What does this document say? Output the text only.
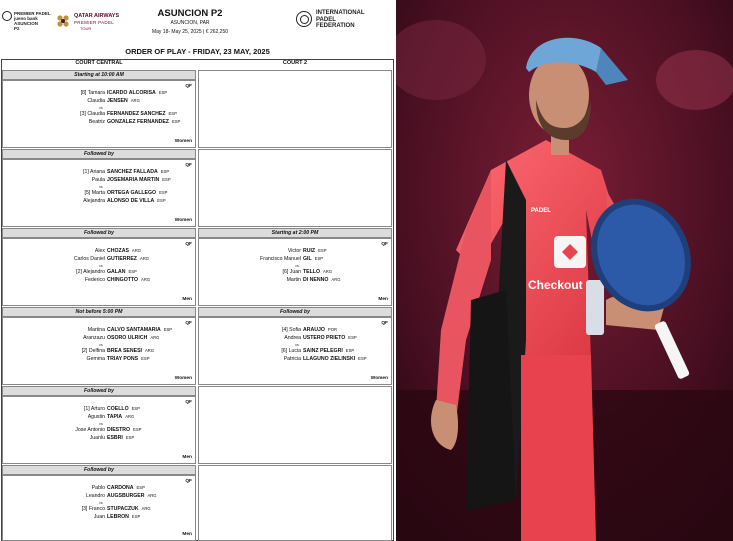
PREMIER PADEL
jueno bank
ASUNCION
P2
QATAR AIRWAYS
PREMIER PADEL
TOUR
ASUNCION P2
ASUNCION, PAR
May 18- May 25, 2025 | € 262,250
INTERNATIONAL
PADEL
FEDERATION
ORDER OF PLAY - FRIDAY, 23 MAY, 2025
COURT CENTRAL	COURT 2
Starting at 10:00 AM
QF
Women
[8] Tamara ICARDO ALCORISA ESP
Claudia JENSEN ARG
[3] Claudia FERNANDEZ SANCHEZ ESP
Beatriz GONZALEZ FERNANDEZ ESP
vs
Followed by
QF
Women
[1] Ariana SANCHEZ FALLADA ESP
Paula JOSEMARIA MARTIN ESP
[5] Marta ORTEGA GALLEGO ESP
Alejandra ALONSO DE VILLA ESP
vs
Followed by
QF
Men
Alex CHOZAS ARG
Carlos Daniel GUTIERREZ ARG
[2] Alejandro GALAN ESP
Federico CHINGOTTO ARG
vs
Starting at 2:00 PM
QF
Men
Victor RUIZ ESP
Francisco Manuel GIL ESP
[6] Juan TELLO ARG
Martin DI NENNO ARG
vs
Not before 5:00 PM
QF
Women
Martina CALVO SANTAMARIA ESP
Aranzazu OSORO ULRICH ARG
[2] Delfina BREA SENESI ARG
Gemma TRIAY PONS ESP
vs
Followed by
QF
Women
[4] Sofia ARAUJO POR
Andrea USTERO PRIETO ESP
[6] Lucia SAINZ PELEGRI ESP
Patricia LLAGUNO ZIELINSKI ESP
vs
Followed by
QF
Men
[1] Arturo COELLO ESP
Agustin TAPIA ARG
Jose Antonio DIESTRO ESP
Juanlu ESBRI ESP
vs
Followed by
QF
Men
Pablo CARDONA ESP
Leandro AUGSBURGER ARG
[3] Franco STUPACZUK ARG
Juan LEBRON ESP
vs
Checkout
PADEL
